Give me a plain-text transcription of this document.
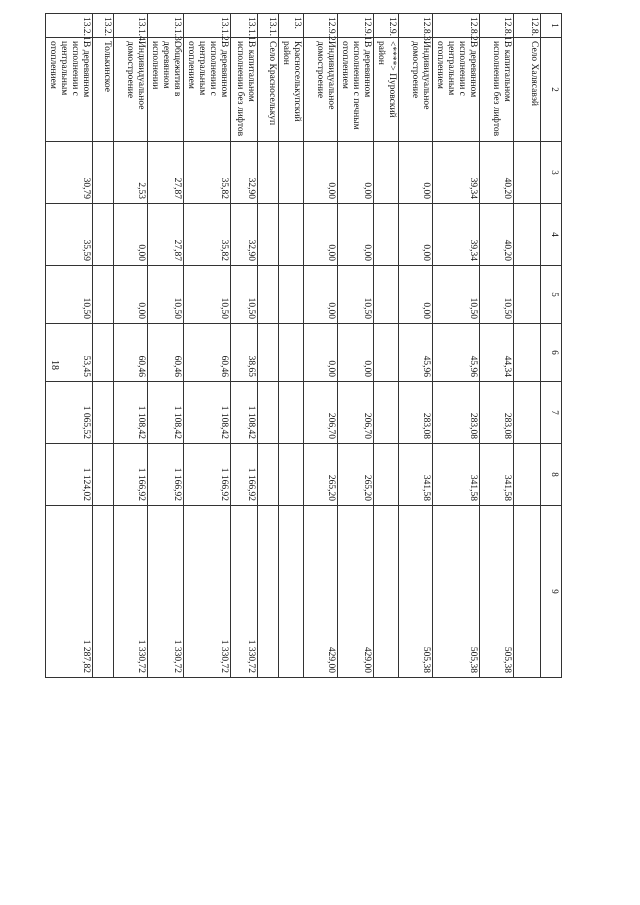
18
1	2	3	4	5	6	7	8	9
12.8.	Село Халясавэй							
12.8.1.	В капитальном исполнении без лифтов	40,20	40,20	10,50	44,34	283,08	341,58	505,38
12.8.2.	В деревянном исполнении с центральным отоплением	39,34	39,34	10,50	45,96	283,08	341,58	505,38
12.8.3.	Индивидуальное домостроение	0,00	0,00	0,00	45,96	283,08	341,58	505,38
12.9.	<****> Пуровский район							
12.9.1.	В деревянном исполнении с печным отоплением	0,00	0,00	10,50	0,00	206,70	265,20	429,00
12.9.2.	Индивидуальное домостроение	0,00	0,00	0,00	0,00	206,70	265,20	429,00
13.	Красноселькупский район							
13.1.	Село Красноселькуп							
13.1.1.	В капитальном исполнении без лифтов	32,90	32,90	10,50	38,65	1 108,42	1 166,92	1 330,72
13.1.2.	В деревянном исполнении с центральным отоплением	35,82	35,82	10,50	60,46	1 108,42	1 166,92	1 330,72
13.1.3.	Общежития в деревянном исполнении	27,87	27,87	10,50	60,46	1 108,42	1 166,92	1 330,72
13.1.4.	Индивидуальное домостроение	2,53	0,00	0,00	60,46	1 108,42	1 166,92	1 330,72
13.2.	Толькинское							
13.2.1.	В деревянном исполнении с центральным отоплением	30,79	35,59	10,50	53,45	1 065,52	1 124,02	1 287,82
